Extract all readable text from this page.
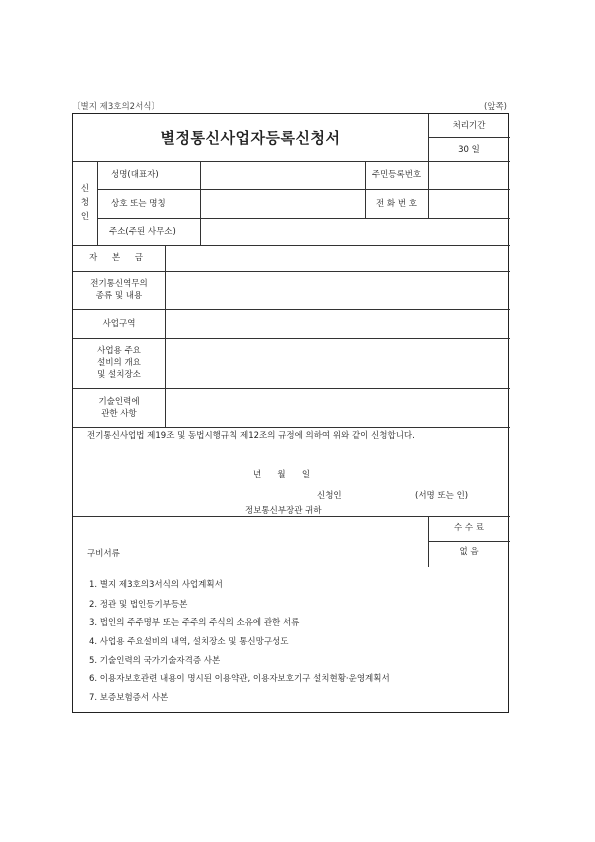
〔별지 제3호의2서식〕	(앞쪽)
별정통신사업자등록신청서
처리기간
30 일
신
청
인
성명(대표자)	주민등록번호
상호 또는 명칭	전 화 번 호
주소(주된 사무소)
자 본 금
전기통신역무의
종류 및 내용
사업구역
사업용 주요
설비의 개요
및 설치장소
기술인력에
관한 사항
전기통신사업법 제19조 및 동법시행규칙 제12조의 규정에 의하여 위와 같이 신청합니다.
년      월      일
신청인	(서명 또는 인)
정보통신부장관 귀하
수 수 료
없 음
구비서류
1. 별지 제3호의3서식의 사업계획서
2. 정관 및 법인등기부등본
3. 법인의 주주명부 또는 주주의 주식의 소유에 관한 서류
4. 사업용 주요설비의 내역, 설치장소 및 통신망구성도
5. 기술인력의 국가기술자격증 사본
6. 이용자보호관련 내용이 명시된 이용약관, 이용자보호기구 설치현황·운영계획서
7. 보증보험증서 사본
